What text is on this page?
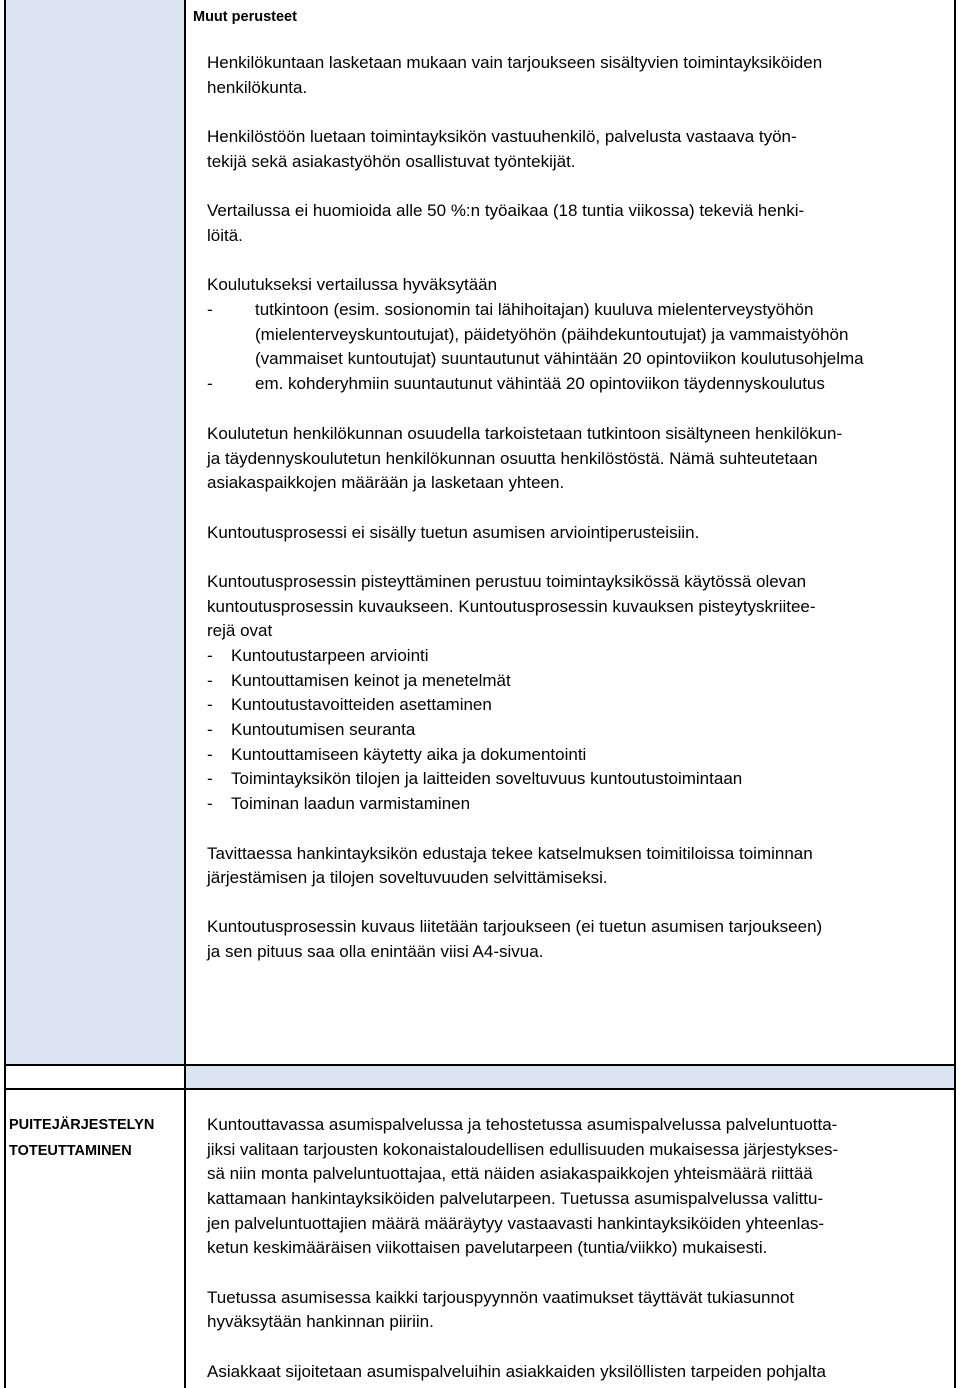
Muut perusteet
Henkilökuntaan lasketaan mukaan vain tarjoukseen sisältyvien toimintayksiköiden
henkilökunta.
Henkilöstöön luetaan toimintayksikön vastuuhenkilö, palvelusta vastaava työn-
tekijä sekä asiakastyöhön osallistuvat työntekijät.
Vertailussa ei huomioida alle 50 %:n työaikaa (18 tuntia viikossa) tekeviä henki-
löitä.
Koulutukseksi vertailussa hyväksytään
- tutkintoon (esim. sosionomin tai lähihoitajan) kuuluva mielenterveystyöhön
(mielenterveyskuntoutujat), päidetyöhön (päihdekuntoutujat) ja vammaistyöhön
(vammaiset kuntoutujat) suuntautunut vähintään 20 opintoviikon koulutusohjelma
- em. kohderyhmiin suuntautunut vähintää 20 opintoviikon täydennyskoulutus
Koulutetun henkilökunnan osuudella tarkoistetaan tutkintoon sisältyneen henkilökun-
ja täydennyskoulutetun henkilökunnan osuutta henkilöstöstä. Nämä suhteutetaan
asiakaspaikkojen määrään ja lasketaan yhteen.
Kuntoutusprosessi ei sisälly tuetun asumisen arviointiperusteisiin.
Kuntoutusprosessin pisteyttäminen perustuu toimintayksikössä käytössä olevan
kuntoutusprosessin kuvaukseen. Kuntoutusprosessin kuvauksen pisteytyskriitee-
rejä ovat
- Kuntoutustarpeen arviointi
- Kuntouttamisen keinot ja menetelmät
- Kuntoutustavoitteiden asettaminen
- Kuntoutumisen seuranta
- Kuntouttamiseen käytetty aika ja dokumentointi
- Toimintayksikön tilojen ja laitteiden soveltuvuus kuntoutustoimintaan
- Toiminan laadun varmistaminen
Tavittaessa hankintayksikön edustaja tekee katselmuksen toimitiloissa toiminnan
järjestämisen ja tilojen soveltuvuuden selvittämiseksi.
Kuntoutusprosessin kuvaus liitetään tarjoukseen (ei tuetun asumisen tarjoukseen)
ja sen pituus saa olla enintään viisi A4-sivua.
PUITEJÄRJESTELYN
TOTEUTTAMINEN
Kuntouttavassa asumispalvelussa ja tehostetussa asumispalvelussa palveluntuotta-
jiksi valitaan tarjousten kokonaistaloudellisen edullisuuden mukaisessa järjestykses-
sä niin monta palveluntuottajaa, että näiden asiakaspaikkojen yhteismäärä riittää
kattamaan hankintayksiköiden palvelutarpeen. Tuetussa asumispalvelussa valittu-
jen palveluntuottajien määrä määräytyy vastaavasti hankintayksiköiden yhteenlas-
ketun keskimääräisen viikottaisen pavelutarpeen (tuntia/viikko) mukaisesti.
Tuetussa asumisessa kaikki tarjouspyynnön vaatimukset täyttävät tukiasunnot
hyväksytään hankinnan piiriin.
Asiakkaat sijoitetaan asumispalveluihin asiakkaiden yksilöllisten tarpeiden pohjalta
